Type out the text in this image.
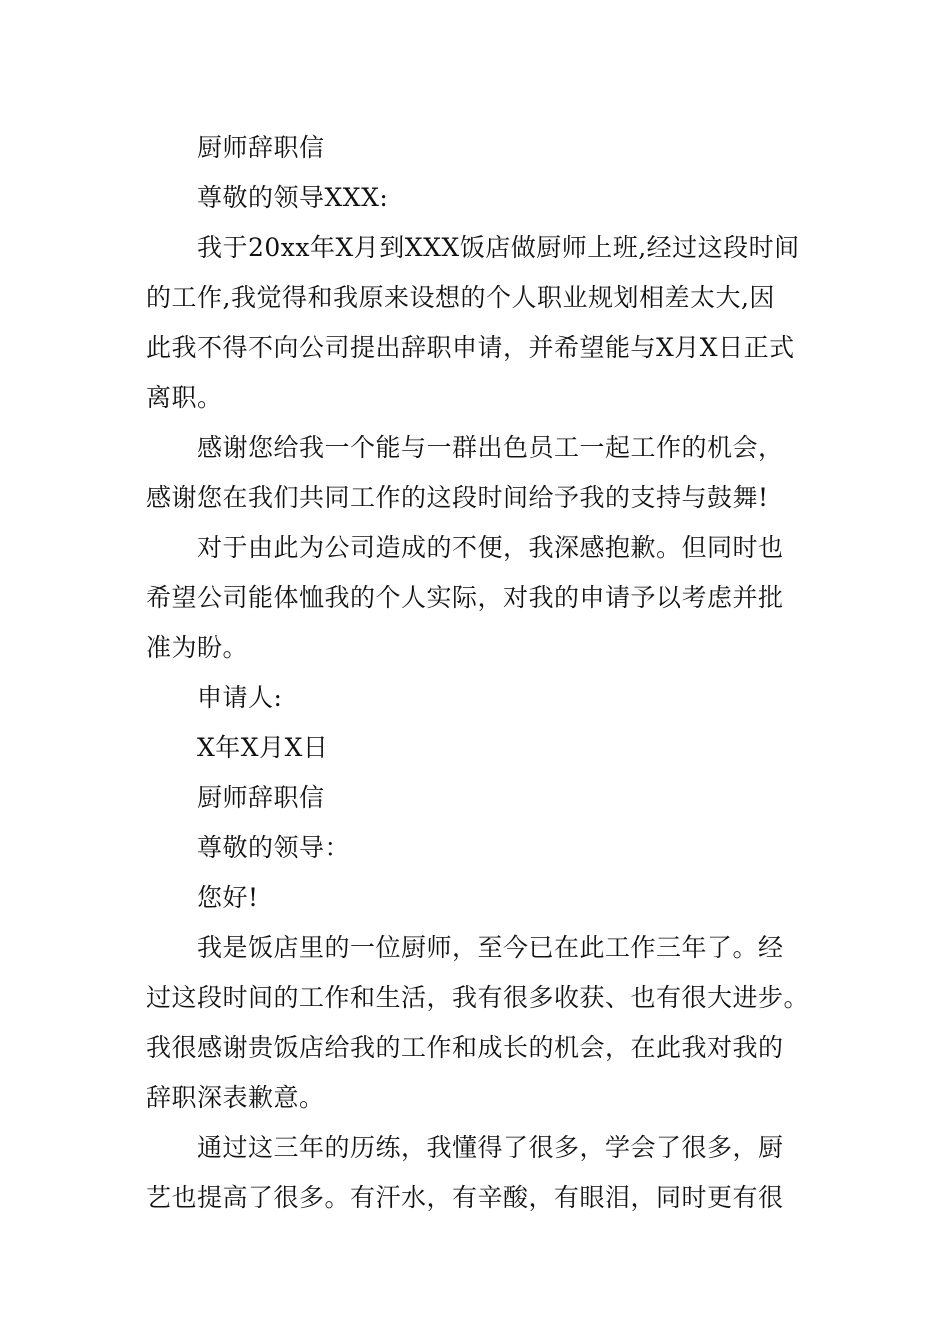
厨师辞职信
尊敬的领导XXX:
我于20xx年X月到XXX饭店做厨师上班,经过这段时间
的工作,我觉得和我原来设想的个人职业规划相差太大,因
此我不得不向公司提出辞职申请，并希望能与X月X日正式
离职。
感谢您给我一个能与一群出色员工一起工作的机会，
感谢您在我们共同工作的这段时间给予我的支持与鼓舞!
对于由此为公司造成的不便，我深感抱歉。但同时也
希望公司能体恤我的个人实际，对我的申请予以考虑并批
准为盼。
申请人:
X年X月X日
厨师辞职信
尊敬的领导：
您好!
我是饭店里的一位厨师，至今已在此工作三年了。经
过这段时间的工作和生活，我有很多收获、也有很大进步。
我很感谢贵饭店给我的工作和成长的机会，在此我对我的
辞职深表歉意。
通过这三年的历练，我懂得了很多，学会了很多，厨
艺也提高了很多。有汗水，有辛酸，有眼泪，同时更有很
